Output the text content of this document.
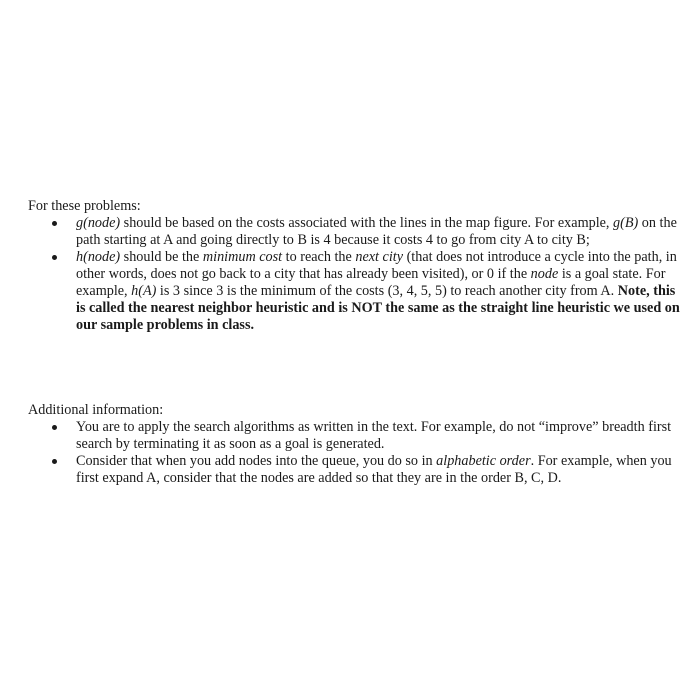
For these problems:

g(node) should be based on the costs associated with the lines in the map figure. For example, g(B) on the path starting at A and going directly to B is 4 because it costs 4 to go from city A to city B;
h(node) should be the minimum cost to reach the next city (that does not introduce a cycle into the path, in other words, does not go back to a city that has already been visited), or 0 if the node is a goal state. For example, h(A) is 3 since 3 is the minimum of the costs (3, 4, 5, 5) to reach another city from A. Note, this is called the nearest neighbor heuristic and is NOT the same as the straight line heuristic we used on our sample problems in class.

Additional information:

You are to apply the search algorithms as written in the text. For example, do not “improve” breadth first search by terminating it as soon as a goal is generated.
Consider that when you add nodes into the queue, you do so in alphabetic order. For example, when you first expand A, consider that the nodes are added so that they are in the order B, C, D.
